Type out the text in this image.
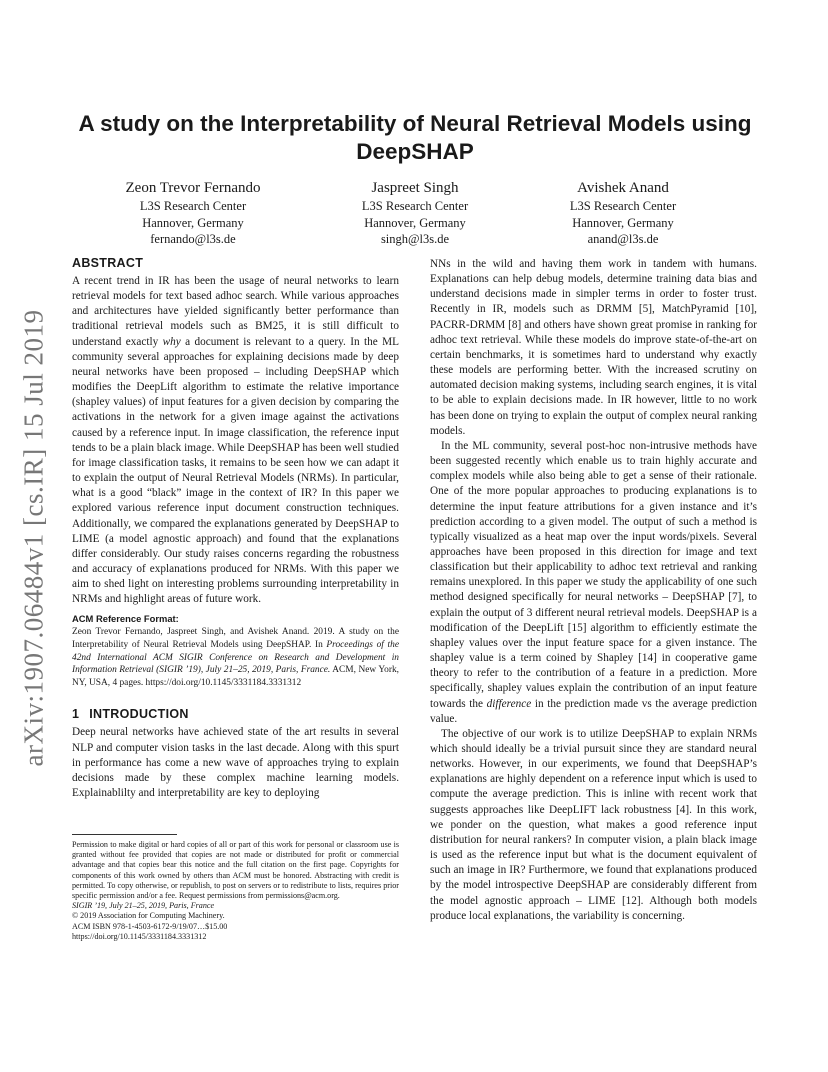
arXiv:1907.06484v1 [cs.IR] 15 Jul 2019
A study on the Interpretability of Neural Retrieval Models using DeepSHAP
Zeon Trevor Fernando
L3S Research Center
Hannover, Germany
fernando@l3s.de
Jaspreet Singh
L3S Research Center
Hannover, Germany
singh@l3s.de
Avishek Anand
L3S Research Center
Hannover, Germany
anand@l3s.de
ABSTRACT

A recent trend in IR has been the usage of neural networks to learn retrieval models for text based adhoc search. While various approaches and architectures have yielded significantly better performance than traditional retrieval models such as BM25, it is still difficult to understand exactly why a document is relevant to a query. In the ML community several approaches for explaining decisions made by deep neural networks have been proposed – including DeepSHAP which modifies the DeepLift algorithm to estimate the relative importance (shapley values) of input features for a given decision by comparing the activations in the network for a given image against the activations caused by a reference input. In image classification, the reference input tends to be a plain black image. While DeepSHAP has been well studied for image classification tasks, it remains to be seen how we can adapt it to explain the output of Neural Retrieval Models (NRMs). In particular, what is a good “black” image in the context of IR? In this paper we explored various reference input document construction techniques. Additionally, we compared the explanations generated by DeepSHAP to LIME (a model agnostic approach) and found that the explanations differ considerably. Our study raises concerns regarding the robustness and accuracy of explanations produced for NRMs. With this paper we aim to shed light on interesting problems surrounding interpretability in NRMs and highlight areas of future work.

ACM Reference Format:

Zeon Trevor Fernando, Jaspreet Singh, and Avishek Anand. 2019. A study on the Interpretability of Neural Retrieval Models using DeepSHAP. In Proceedings of the 42nd International ACM SIGIR Conference on Research and Development in Information Retrieval (SIGIR ’19), July 21–25, 2019, Paris, France. ACM, New York, NY, USA, 4 pages. https://doi.org/10.1145/3331184.3331312

1 INTRODUCTION

Deep neural networks have achieved state of the art results in several NLP and computer vision tasks in the last decade. Along with this spurt in performance has come a new wave of approaches trying to explain decisions made by these complex machine learning models. Explainablilty and interpretability are key to deploying

Permission to make digital or hard copies of all or part of this work for personal or classroom use is granted without fee provided that copies are not made or distributed for profit or commercial advantage and that copies bear this notice and the full citation on the first page. Copyrights for components of this work owned by others than ACM must be honored. Abstracting with credit is permitted. To copy otherwise, or republish, to post on servers or to redistribute to lists, requires prior specific permission and/or a fee. Request permissions from permissions@acm.org.

SIGIR ’19, July 21–25, 2019, Paris, France

© 2019 Association for Computing Machinery.

ACM ISBN 978-1-4503-6172-9/19/07…$15.00

https://doi.org/10.1145/3331184.3331312

NNs in the wild and having them work in tandem with humans. Explanations can help debug models, determine training data bias and understand decisions made in simpler terms in order to foster trust. Recently in IR, models such as DRMM [5], MatchPyramid [10], PACRR-DRMM [8] and others have shown great promise in ranking for adhoc text retrieval. While these models do improve state-of-the-art on certain benchmarks, it is sometimes hard to understand why exactly these models are performing better. With the increased scrutiny on automated decision making systems, including search engines, it is vital to be able to explain decisions made. In IR however, little to no work has been done on trying to explain the output of complex neural ranking models.

In the ML community, several post-hoc non-intrusive methods have been suggested recently which enable us to train highly accurate and complex models while also being able to get a sense of their rationale. One of the more popular approaches to producing explanations is to determine the input feature attributions for a given instance and it’s prediction according to a given model. The output of such a method is typically visualized as a heat map over the input words/pixels. Several approaches have been proposed in this direction for image and text classification but their applicability to adhoc text retrieval and ranking remains unexplored. In this paper we study the applicability of one such method designed specifically for neural networks – DeepSHAP [7], to explain the output of 3 different neural retrieval models. DeepSHAP is a modification of the DeepLift [15] algorithm to efficiently estimate the shapley values over the input feature space for a given instance. The shapley value is a term coined by Shapley [14] in cooperative game theory to refer to the contribution of a feature in a prediction. More specifically, shapley values explain the contribution of an input feature towards the difference in the prediction made vs the average prediction value.

The objective of our work is to utilize DeepSHAP to explain NRMs which should ideally be a trivial pursuit since they are standard neural networks. However, in our experiments, we found that DeepSHAP’s explanations are highly dependent on a reference input which is used to compute the average prediction. This is inline with recent work that suggests approaches like DeepLIFT lack robustness [4]. In this work, we ponder on the question, what makes a good reference input distribution for neural rankers? In computer vision, a plain black image is used as the reference input but what is the document equivalent of such an image in IR? Furthermore, we found that explanations produced by the model introspective DeepSHAP are considerably different from the model agnostic approach – LIME [12]. Although both models produce local explanations, the variability is concerning.
